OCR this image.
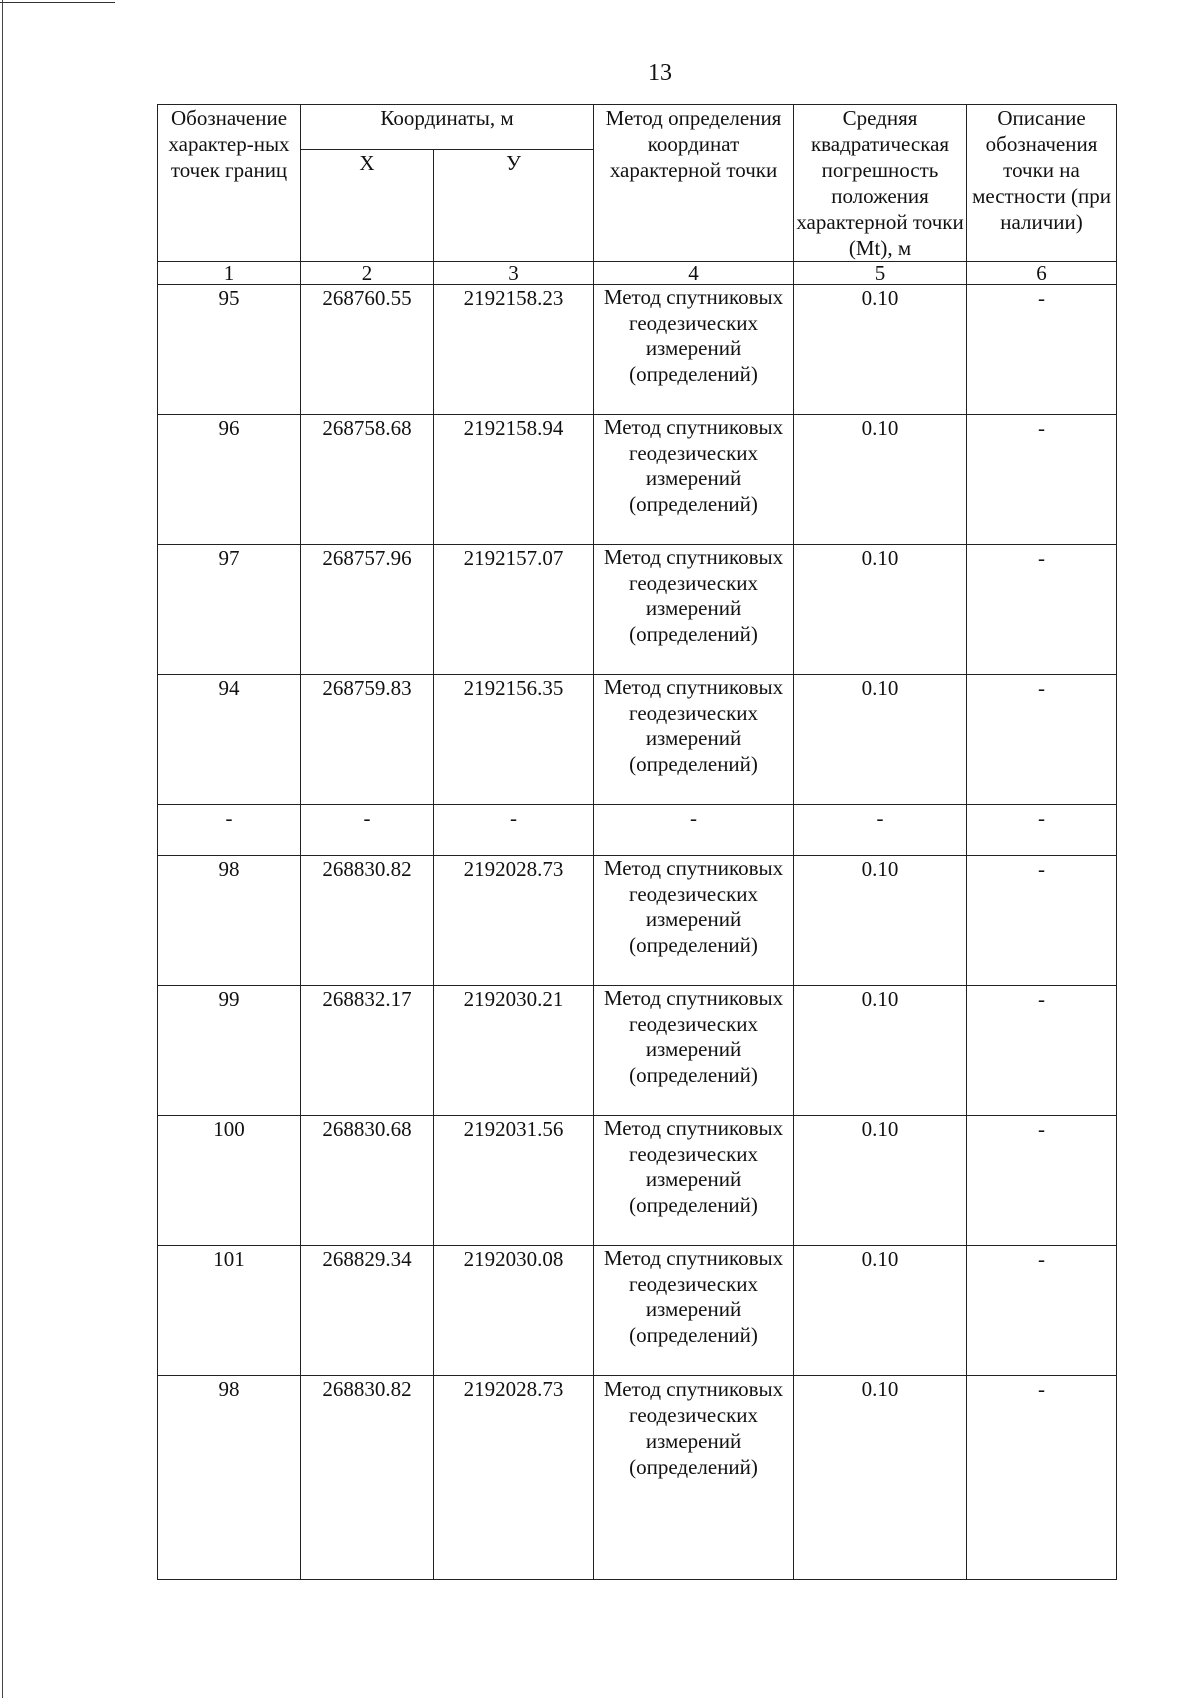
13
Обозначение характер-ных точек границ	Координаты, м		Метод определения координат характерной точки	Средняя квадратическая погрешность положения характерной точки (Mt), м	Описание обозначения точки на местности (при наличии)
	Х	У			
1	2	3	4	5	6
95	268760.55	2192158.23	Метод спутниковых геодезических измерений (определений)	0.10	-
96	268758.68	2192158.94	Метод спутниковых геодезических измерений (определений)	0.10	-
97	268757.96	2192157.07	Метод спутниковых геодезических измерений (определений)	0.10	-
94	268759.83	2192156.35	Метод спутниковых геодезических измерений (определений)	0.10	-
-	-	-	-	-	-
98	268830.82	2192028.73	Метод спутниковых геодезических измерений (определений)	0.10	-
99	268832.17	2192030.21	Метод спутниковых геодезических измерений (определений)	0.10	-
100	268830.68	2192031.56	Метод спутниковых геодезических измерений (определений)	0.10	-
101	268829.34	2192030.08	Метод спутниковых геодезических измерений (определений)	0.10	-
98	268830.82	2192028.73	Метод спутниковых геодезических измерений (определений)	0.10	-
